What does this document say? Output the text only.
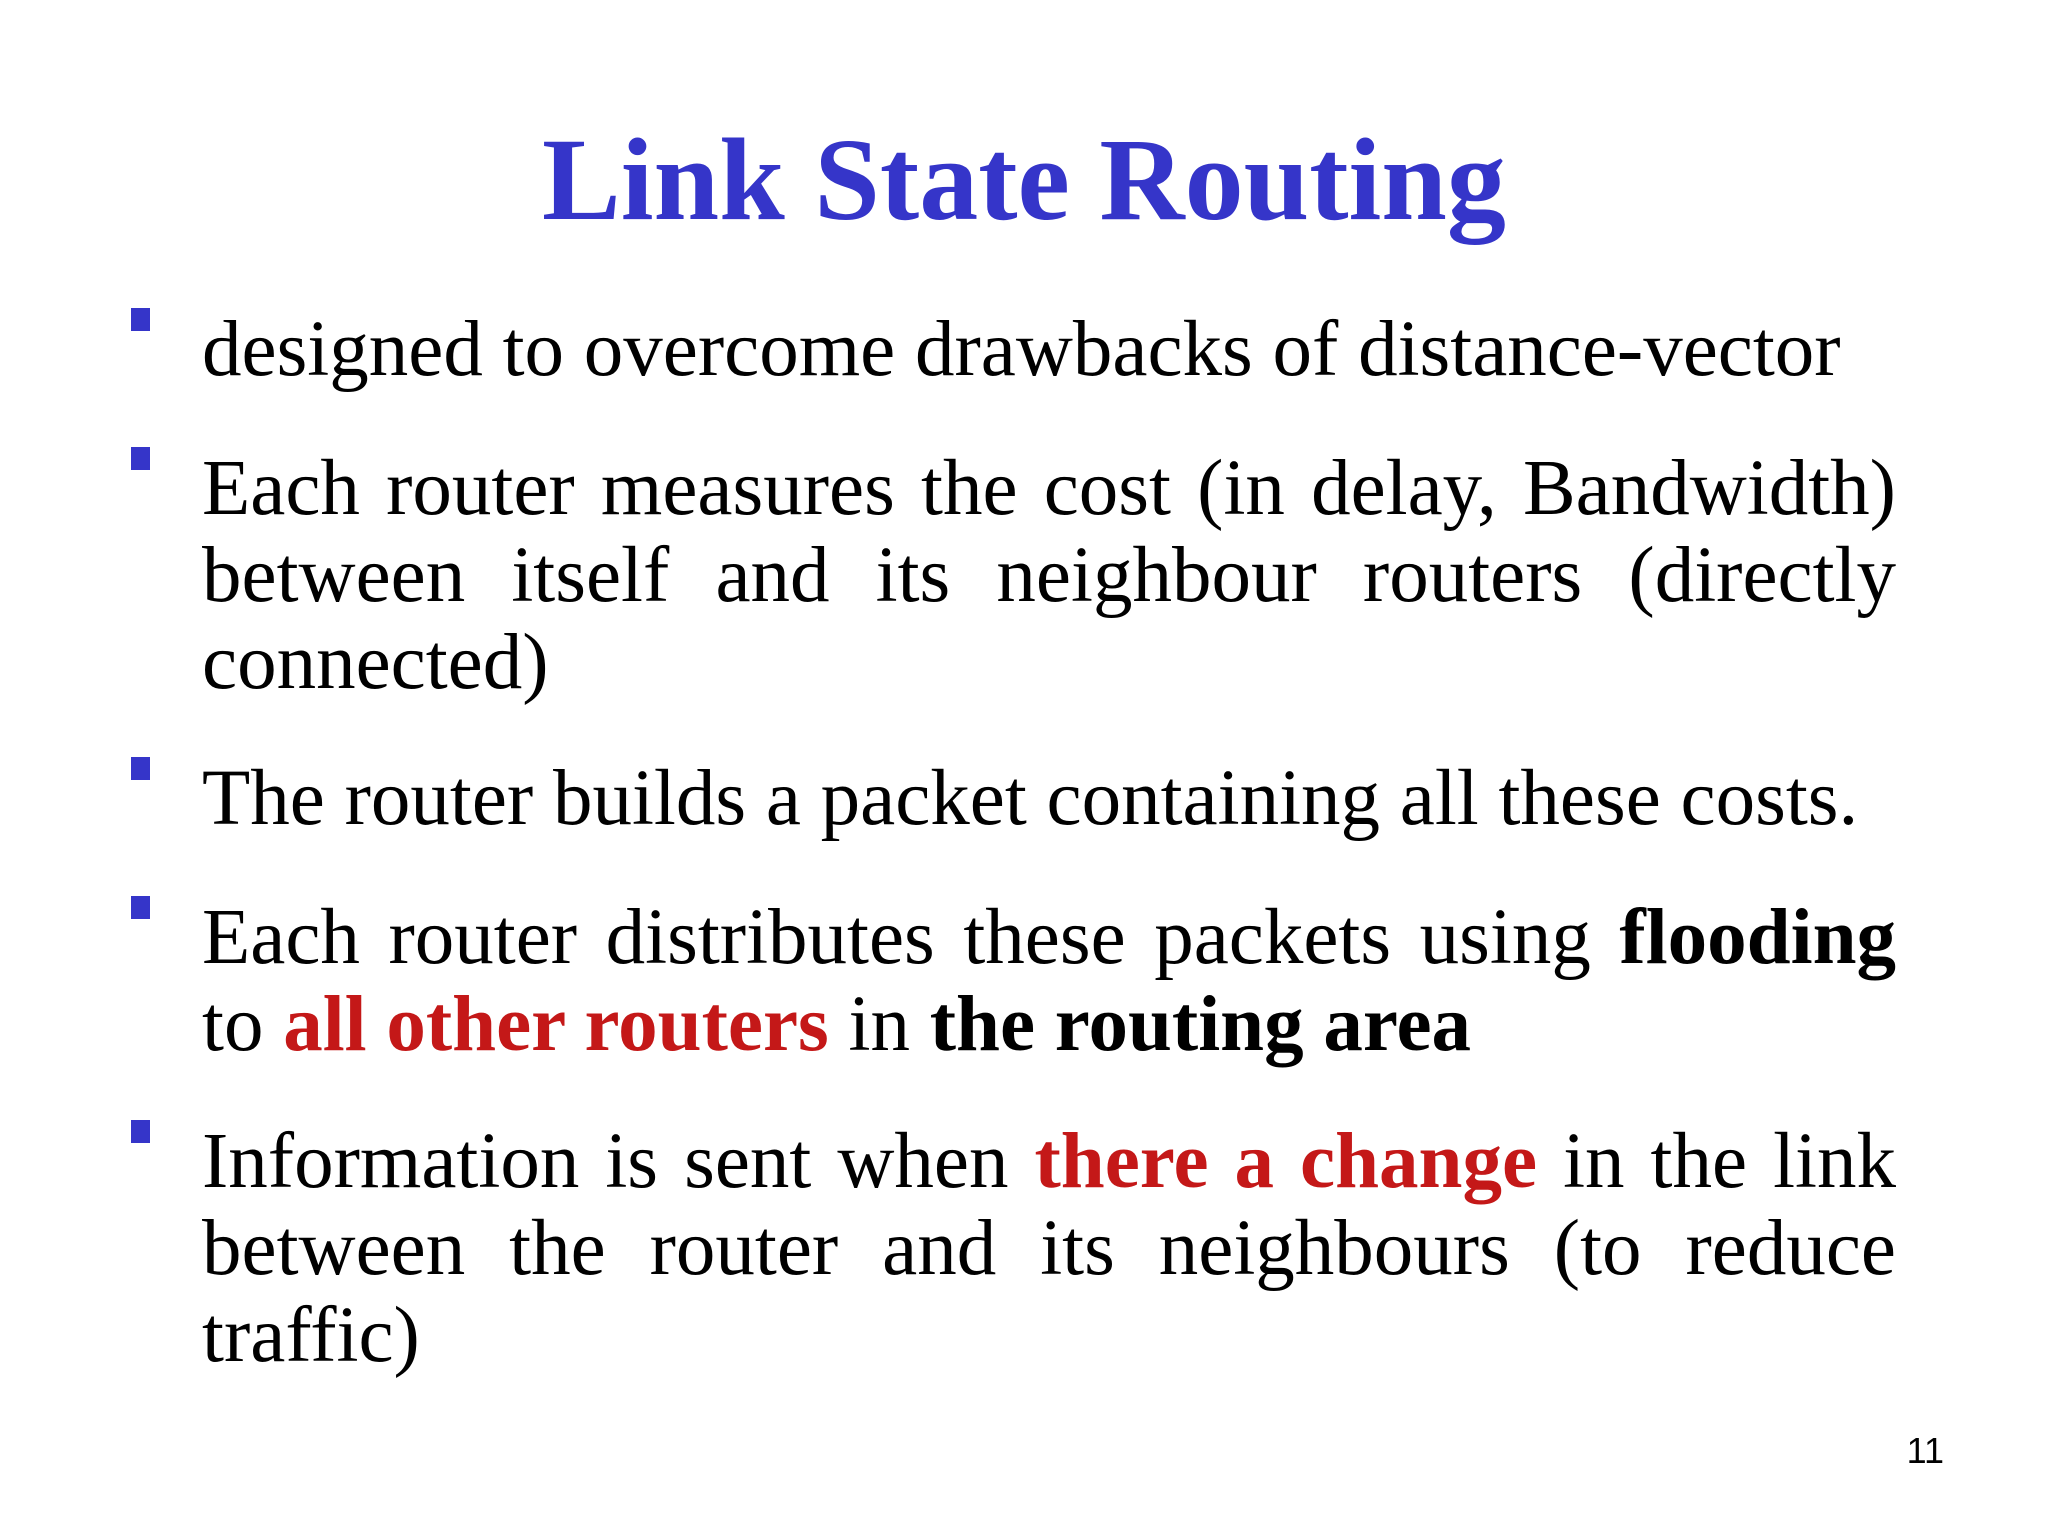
Link State Routing
designed to overcome drawbacks of distance-vector
Each router measures the cost (in delay, Bandwidth) between itself and its neighbour routers (directly connected)
The router builds a packet containing all these costs.
Each router distributes these packets using flooding
to all other routers in the routing area
Information is sent when there a change in the link between the router and its neighbours (to reduce traffic)
11
